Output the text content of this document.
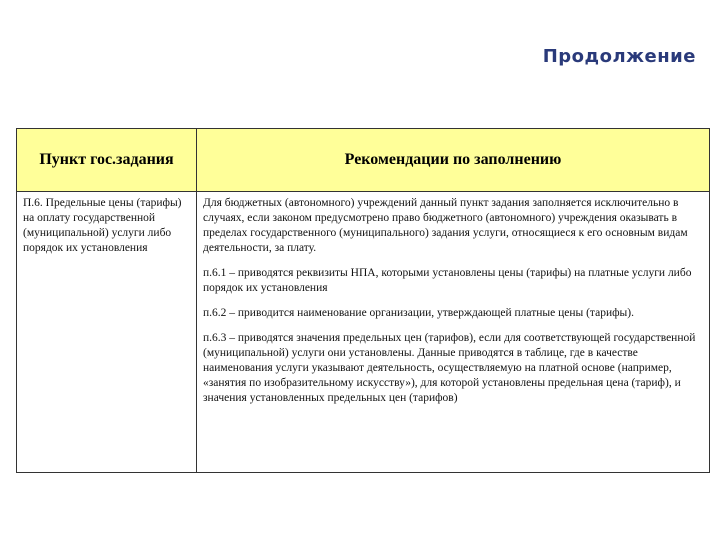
Продолжение
Пункт гос.задания	Рекомендации по заполнению
П.6. Предельные цены (тарифы) на оплату государственной (муниципальной) услуги либо порядок их установления	Для бюджетных (автономного) учреждений данный пункт задания заполняется исключительно в случаях, если законом предусмотрено право бюджетного (автономного) учреждения оказывать в пределах государственного (муниципального) задания услуги, относящиеся к его основным видам деятельности, за плату.

п.6.1 – приводятся реквизиты НПА, которыми установлены цены (тарифы) на платные услуги либо порядок их установления

п.6.2 – приводится наименование организации, утверждающей платные цены (тарифы).

п.6.3 – приводятся значения предельных цен (тарифов), если для соответствующей государственной (муниципальной) услуги они установлены. Данные приводятся в таблице, где в качестве наименования услуги указывают деятельность, осуществляемую на платной основе (например, «занятия по изобразительному искусству»), для которой установлены предельная цена (тариф), и значения установленных предельных цен (тарифов)
